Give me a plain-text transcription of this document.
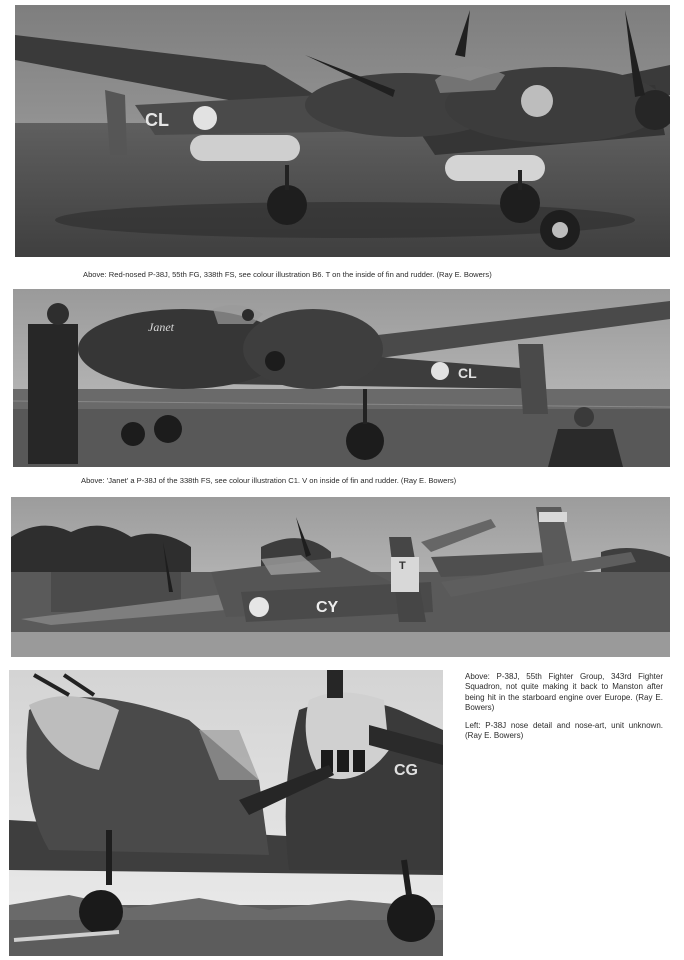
CL
Above: Red-nosed P-38J, 55th FG, 338th FS, see colour illustration B6. T on the inside of fin and rudder. (Ray E. Bowers)
Janet
CL
Above: 'Janet' a P-38J of the 338th FS, see colour illustration C1. V on inside of fin and rudder. (Ray E. Bowers)
T
CY
CG
Above: P-38J, 55th Fighter Group, 343rd Fighter Squadron, not quite making it back to Manston after being hit in the starboard engine over Europe. (Ray E. Bowers)
Left: P-38J nose detail and nose-art, unit unknown. (Ray E. Bowers)
